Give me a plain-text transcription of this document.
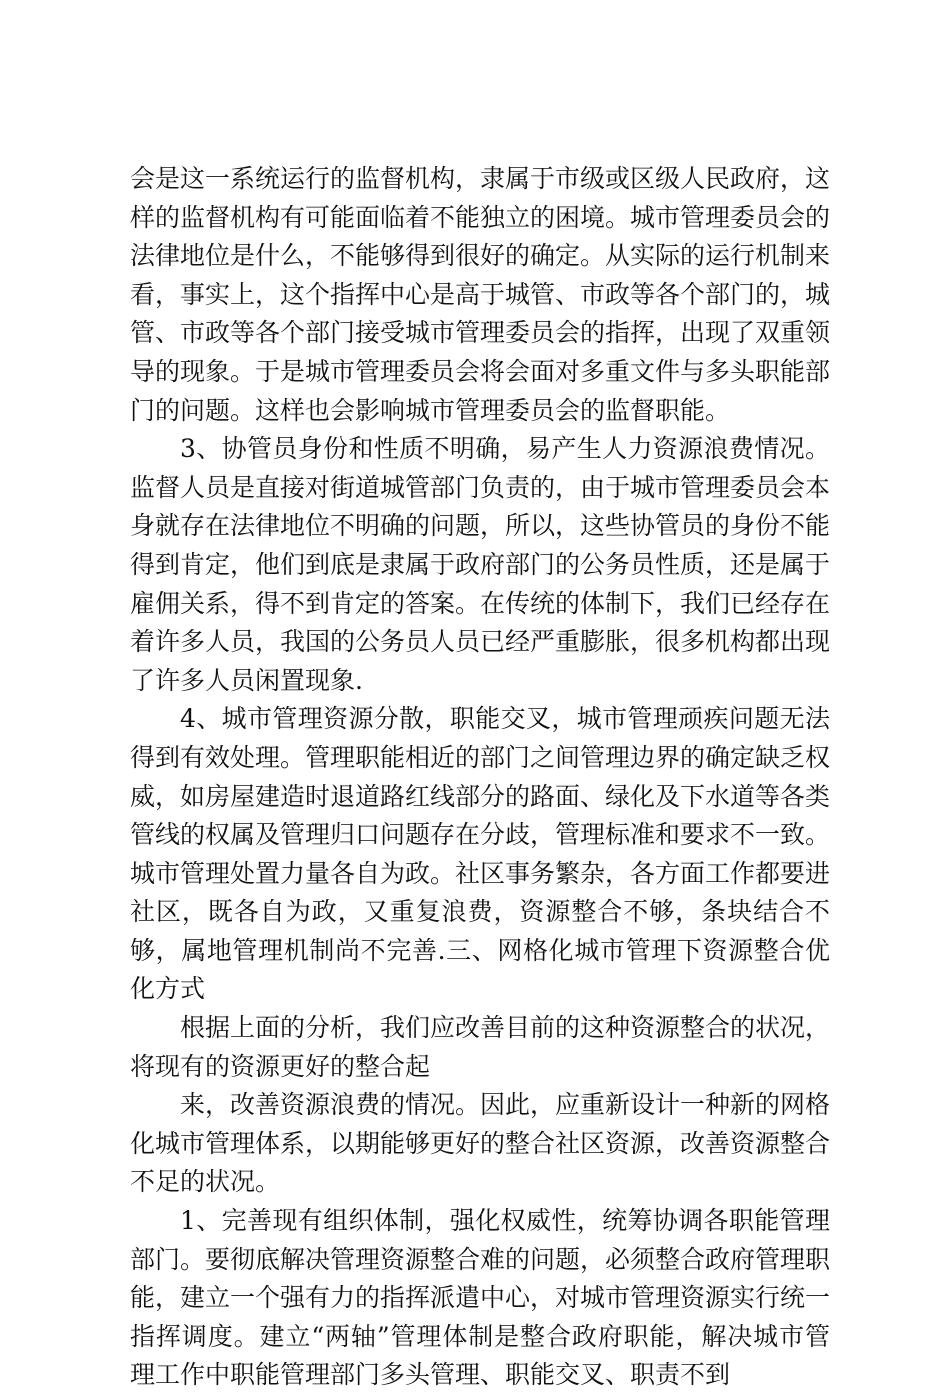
会是这一系统运行的监督机构，隶属于市级或区级人民政府，这样的监督机构有可能面临着不能独立的困境。城市管理委员会的法律地位是什么，不能够得到很好的确定。从实际的运行机制来看，事实上，这个指挥中心是高于城管、市政等各个部门的，城管、市政等各个部门接受城市管理委员会的指挥，出现了双重领导的现象。于是城市管理委员会将会面对多重文件与多头职能部门的问题。这样也会影响城市管理委员会的监督职能。

3、协管员身份和性质不明确，易产生人力资源浪费情况。监督人员是直接对街道城管部门负责的，由于城市管理委员会本身就存在法律地位不明确的问题，所以，这些协管员的身份不能得到肯定，他们到底是隶属于政府部门的公务员性质，还是属于雇佣关系，得不到肯定的答案。在传统的体制下，我们已经存在着许多人员，我国的公务员人员已经严重膨胀，很多机构都出现了许多人员闲置现象.

4、城市管理资源分散，职能交叉，城市管理顽疾问题无法得到有效处理。管理职能相近的部门之间管理边界的确定缺乏权威，如房屋建造时退道路红线部分的路面、绿化及下水道等各类管线的权属及管理归口问题存在分歧，管理标准和要求不一致。城市管理处置力量各自为政。社区事务繁杂，各方面工作都要进社区，既各自为政，又重复浪费，资源整合不够，条块结合不够，属地管理机制尚不完善.三、网格化城市管理下资源整合优化方式

根据上面的分析，我们应改善目前的这种资源整合的状况，将现有的资源更好的整合起

来，改善资源浪费的情况。因此，应重新设计一种新的网格化城市管理体系，以期能够更好的整合社区资源，改善资源整合不足的状况。

1、完善现有组织体制，强化权威性，统筹协调各职能管理部门。要彻底解决管理资源整合难的问题，必须整合政府管理职能，建立一个强有力的指挥派遣中心，对城市管理资源实行统一指挥调度。建立“两轴”管理体制是整合政府职能，解决城市管理工作中职能管理部门多头管理、职能交叉、职责不到
